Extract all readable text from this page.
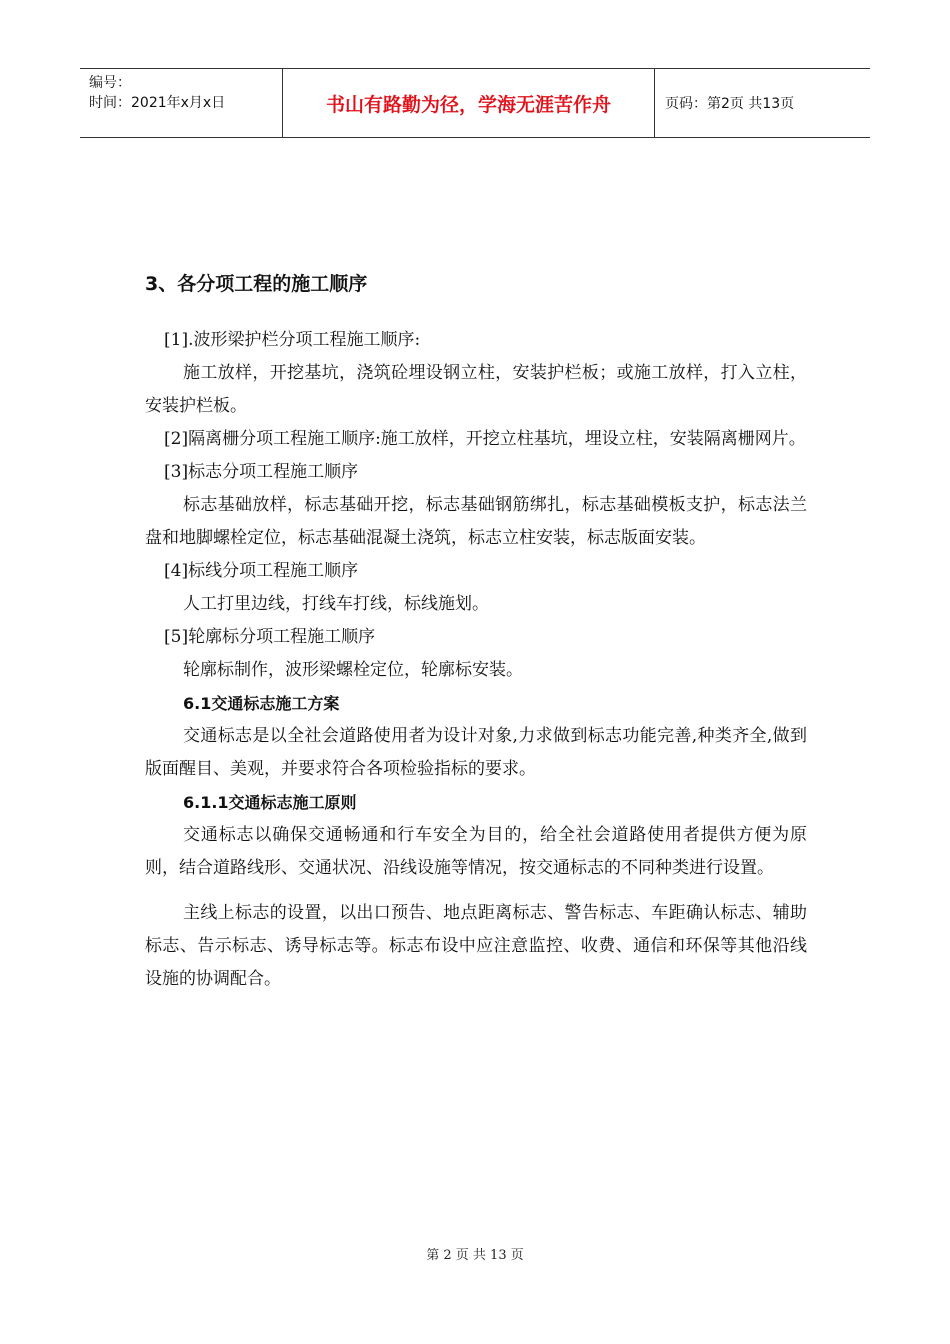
编号：
时间：2021年x月x日	书山有路勤为径，学海无涯苦作舟	页码：第2页 共13页
3、各分项工程的施工顺序

[1].波形梁护栏分项工程施工顺序:

施工放样，开挖基坑，浇筑砼埋设钢立柱，安装护栏板；或施工放样，打入立柱，安装护栏板。

[2]隔离栅分项工程施工顺序:施工放样，开挖立柱基坑，埋设立柱，安装隔离栅网片。

[3]标志分项工程施工顺序

标志基础放样，标志基础开挖，标志基础钢筋绑扎，标志基础模板支护，标志法兰盘和地脚螺栓定位，标志基础混凝土浇筑，标志立柱安装，标志版面安装。

[4]标线分项工程施工顺序

人工打里边线，打线车打线，标线施划。

[5]轮廓标分项工程施工顺序

轮廓标制作，波形梁螺栓定位，轮廓标安装。

6.1交通标志施工方案

交通标志是以全社会道路使用者为设计对象,力求做到标志功能完善,种类齐全,做到版面醒目、美观，并要求符合各项检验指标的要求。

6.1.1交通标志施工原则

交通标志以确保交通畅通和行车安全为目的，给全社会道路使用者提供方便为原则，结合道路线形、交通状况、沿线设施等情况，按交通标志的不同种类进行设置。

主线上标志的设置，以出口预告、地点距离标志、警告标志、车距确认标志、辅助标志、告示标志、诱导标志等。标志布设中应注意监控、收费、通信和环保等其他沿线设施的协调配合。

第 2 页 共 13 页
